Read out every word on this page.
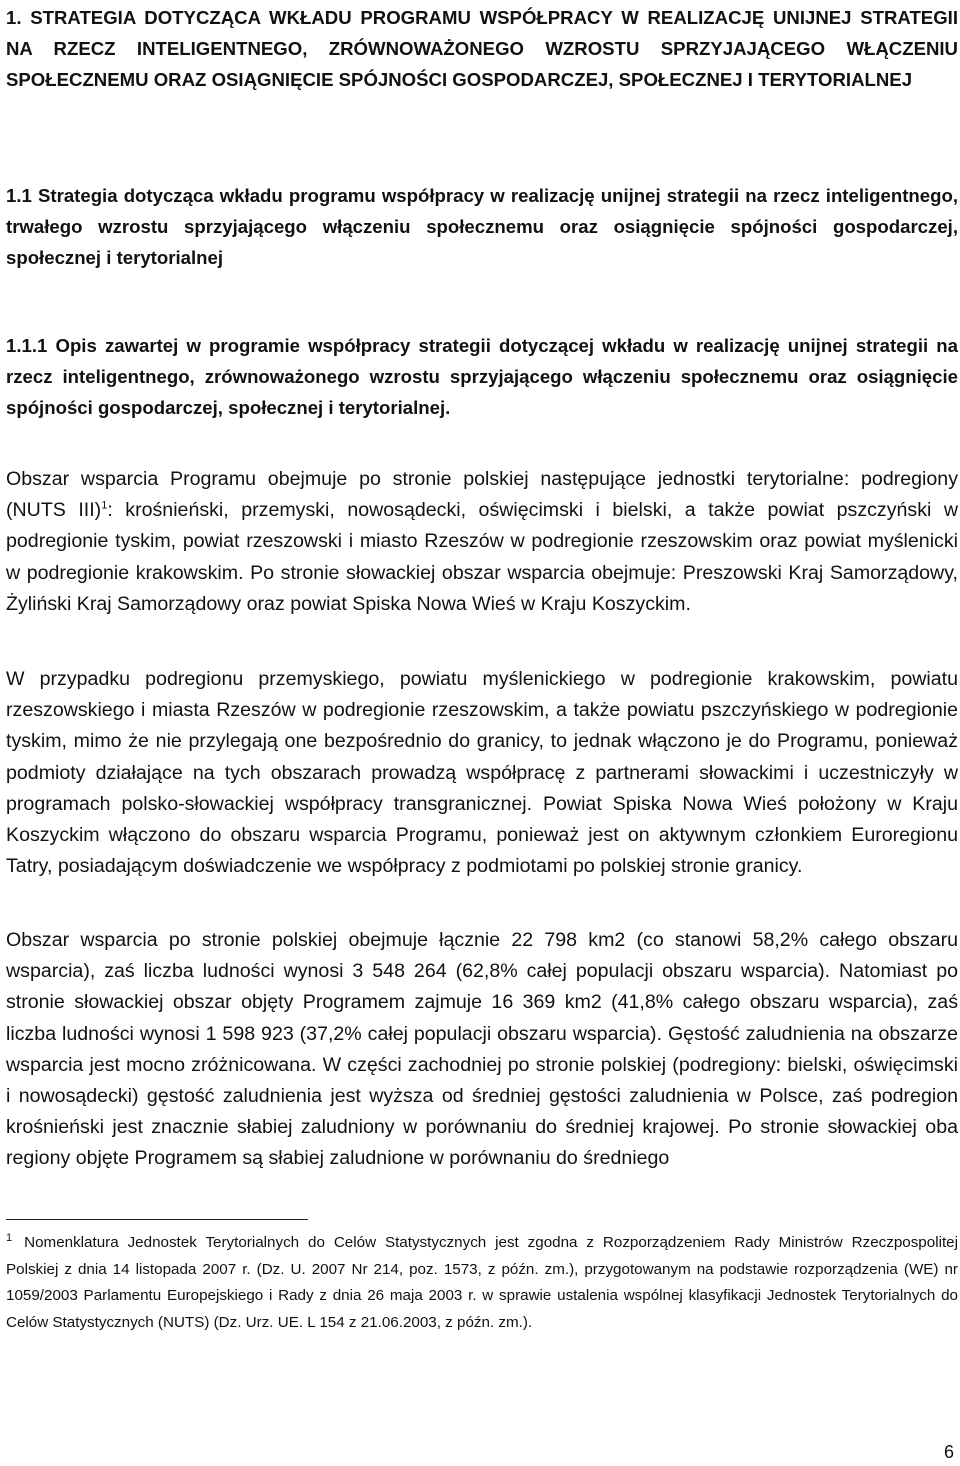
1. STRATEGIA DOTYCZĄCA WKŁADU PROGRAMU WSPÓŁPRACY W REALIZACJĘ UNIJNEJ STRATEGII NA RZECZ INTELIGENTNEGO, ZRÓWNOWAŻONEGO WZROSTU SPRZYJAJĄCEGO WŁĄCZENIU SPOŁECZNEMU ORAZ OSIĄGNIĘCIE SPÓJNOŚCI GOSPODARCZEJ, SPOŁECZNEJ I TERYTORIALNEJ
1.1 Strategia dotycząca wkładu programu współpracy w realizację unijnej strategii na rzecz inteligentnego, trwałego wzrostu sprzyjającego włączeniu społecznemu oraz osiągnięcie spójności gospodarczej, społecznej i terytorialnej
1.1.1 Opis zawartej w programie współpracy strategii dotyczącej wkładu w realizację unijnej strategii na rzecz inteligentnego, zrównoważonego wzrostu sprzyjającego włączeniu społecznemu oraz osiągnięcie spójności gospodarczej, społecznej i terytorialnej.

Obszar wsparcia Programu obejmuje po stronie polskiej następujące jednostki terytorialne: podregiony (NUTS III)$^1$: krośnieński, przemyski, nowosądecki, oświęcimski i bielski, a także powiat pszczyński w podregionie tyskim, powiat rzeszowski i miasto Rzeszów w podregionie rzeszowskim oraz powiat myślenicki w podregionie krakowskim. Po stronie słowackiej obszar wsparcia obejmuje: Preszowski Kraj Samorządowy, Żyliński Kraj Samorządowy oraz powiat Spiska Nowa Wieś w Kraju Koszyckim.

W przypadku podregionu przemyskiego, powiatu myślenickiego w podregionie krakowskim, powiatu rzeszowskiego i miasta Rzeszów w podregionie rzeszowskim, a także powiatu pszczyńskiego w podregionie tyskim, mimo że nie przylegają one bezpośrednio do granicy, to jednak włączono je do Programu, ponieważ podmioty działające na tych obszarach prowadzą współpracę z partnerami słowackimi i uczestniczyły w programach polsko-słowackiej współpracy transgranicznej. Powiat Spiska Nowa Wieś położony w Kraju Koszyckim włączono do obszaru wsparcia Programu, ponieważ jest on aktywnym członkiem Euroregionu Tatry, posiadającym doświadczenie we współpracy z podmiotami po polskiej stronie granicy.

Obszar wsparcia po stronie polskiej obejmuje łącznie 22 798 km2 (co stanowi 58,2% całego obszaru wsparcia), zaś liczba ludności wynosi 3 548 264 (62,8% całej populacji obszaru wsparcia). Natomiast po stronie słowackiej obszar objęty Programem zajmuje 16 369 km2 (41,8% całego obszaru wsparcia), zaś liczba ludności wynosi 1 598 923 (37,2% całej populacji obszaru wsparcia). Gęstość zaludnienia na obszarze wsparcia jest mocno zróżnicowana. W części zachodniej po stronie polskiej (podregiony: bielski, oświęcimski i nowosądecki) gęstość zaludnienia jest wyższa od średniej gęstości zaludnienia w Polsce, zaś podregion krośnieński jest znacznie słabiej zaludniony w porównaniu do średniej krajowej. Po stronie słowackiej oba regiony objęte Programem są słabiej zaludnione w porównaniu do średniego

$^1$ Nomenklatura Jednostek Terytorialnych do Celów Statystycznych jest zgodna z Rozporządzeniem Rady Ministrów Rzeczpospolitej Polskiej z dnia 14 listopada 2007 r. (Dz. U. 2007 Nr 214, poz. 1573, z późn. zm.), przygotowanym na podstawie rozporządzenia (WE) nr 1059/2003 Parlamentu Europejskiego i Rady z dnia 26 maja 2003 r. w sprawie ustalenia wspólnej klasyfikacji Jednostek Terytorialnych do Celów Statystycznych (NUTS) (Dz. Urz. UE. L 154 z 21.06.2003, z późn. zm.).

6
